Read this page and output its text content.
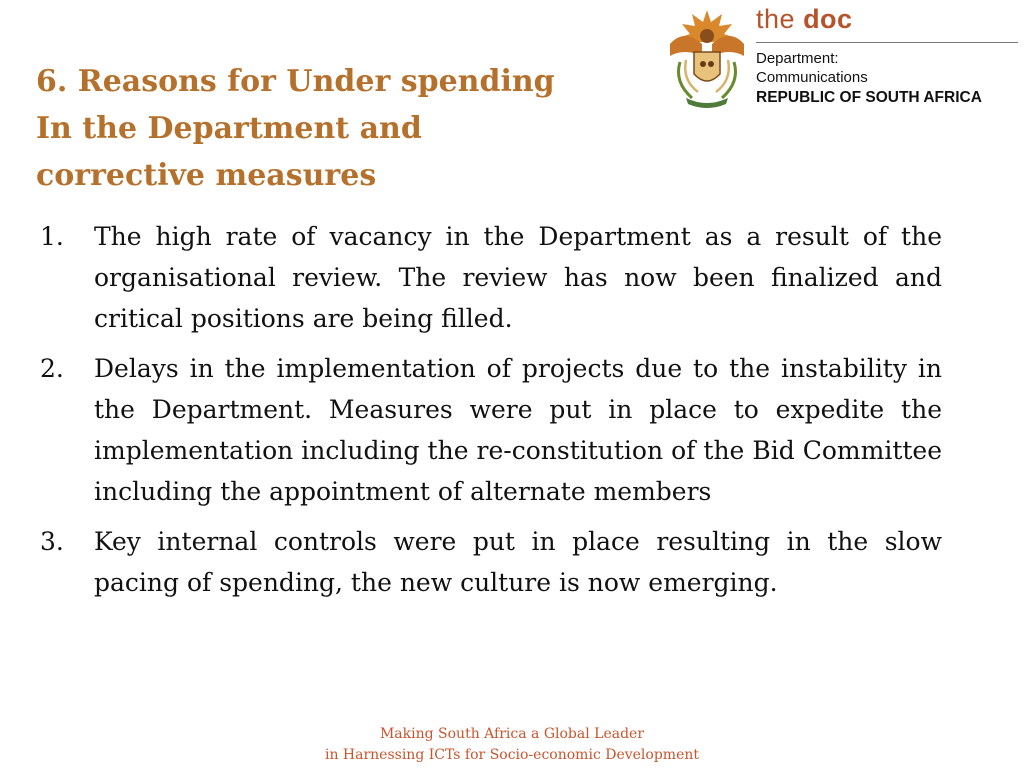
the doc
Department:
Communications
REPUBLIC OF SOUTH AFRICA
6. Reasons for Under spending
In the Department and
corrective measures
1. The high rate of vacancy in the Department as a result of the organisational review. The review has now been finalized and critical positions are being filled.
2. Delays in the implementation of projects due to the instability in the Department. Measures were put in place to expedite the implementation including the re-constitution of the Bid Committee including the appointment of alternate members
3. Key internal controls were put in place resulting in the slow pacing of spending, the new culture is now emerging.
Making South Africa a Global Leader
in Harnessing ICTs for Socio-economic Development
